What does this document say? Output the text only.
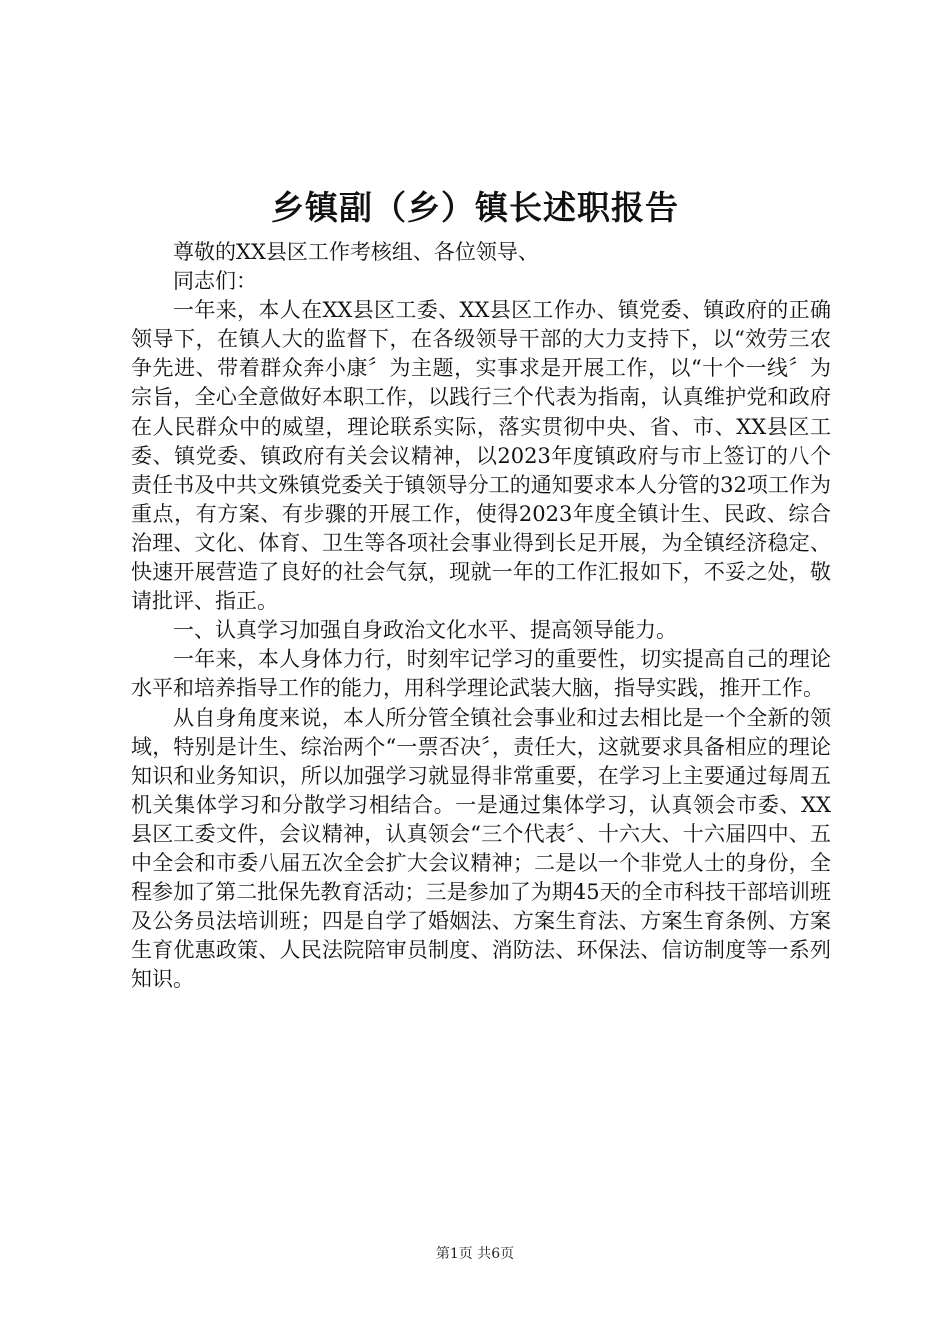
乡镇副（乡）镇长述职报告

尊敬的XX县区工作考核组、各位领导、

同志们：

一年来，本人在XX县区工委、XX县区工作办、镇党委、镇政府的正确领导下，在镇人大的监督下，在各级领导干部的大力支持下，以“效劳三农争先进、带着群众奔小康〞为主题，实事求是开展工作，以“十个一线〞为宗旨，全心全意做好本职工作，以践行三个代表为指南，认真维护党和政府在人民群众中的威望，理论联系实际，落实贯彻中央、省、市、XX县区工委、镇党委、镇政府有关会议精神，以2023年度镇政府与市上签订的八个责任书及中共文殊镇党委关于镇领导分工的通知要求本人分管的32项工作为重点，有方案、有步骤的开展工作，使得2023年度全镇计生、民政、综合治理、文化、体育、卫生等各项社会事业得到长足开展，为全镇经济稳定、快速开展营造了良好的社会气氛，现就一年的工作汇报如下，不妥之处，敬请批评、指正。

一、认真学习加强自身政治文化水平、提高领导能力。

一年来，本人身体力行，时刻牢记学习的重要性，切实提高自己的理论水平和培养指导工作的能力，用科学理论武装大脑，指导实践，推开工作。

从自身角度来说，本人所分管全镇社会事业和过去相比是一个全新的领域，特别是计生、综治两个“一票否决〞，责任大，这就要求具备相应的理论知识和业务知识，所以加强学习就显得非常重要，在学习上主要通过每周五机关集体学习和分散学习相结合。一是通过集体学习，认真领会市委、XX县区工委文件，会议精神，认真领会“三个代表〞、十六大、十六届四中、五中全会和市委八届五次全会扩大会议精神；二是以一个非党人士的身份，全程参加了第二批保先教育活动；三是参加了为期45天的全市科技干部培训班及公务员法培训班；四是自学了婚姻法、方案生育法、方案生育条例、方案生育优惠政策、人民法院陪审员制度、消防法、环保法、信访制度等一系列知识。

第1页 共6页
